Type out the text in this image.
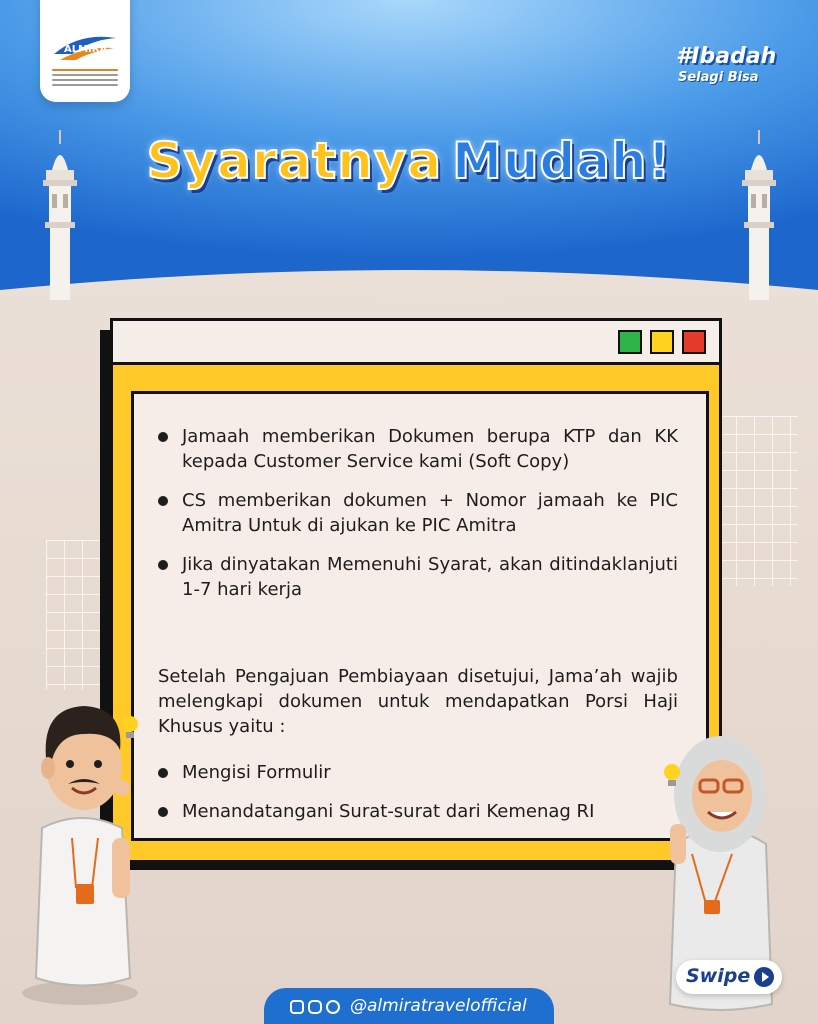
ALMIRA	#Ibadah
Selagi Bisa
Syaratnya Mudah!
Jamaah memberikan Dokumen berupa KTP dan KK kepada Customer Service kami (Soft Copy)
CS memberikan dokumen + Nomor jamaah ke PIC Amitra Untuk di ajukan ke PIC Amitra
Jika dinyatakan Memenuhi Syarat, akan ditindaklanjuti 1-7 hari kerja
Setelah Pengajuan Pembiayaan disetujui, Jama’ah wajib melengkapi dokumen untuk mendapatkan Porsi Haji Khusus yaitu :
Mengisi Formulir
Menandatangani Surat-surat dari Kemenag RI
Swipe
@almiratravelofficial
